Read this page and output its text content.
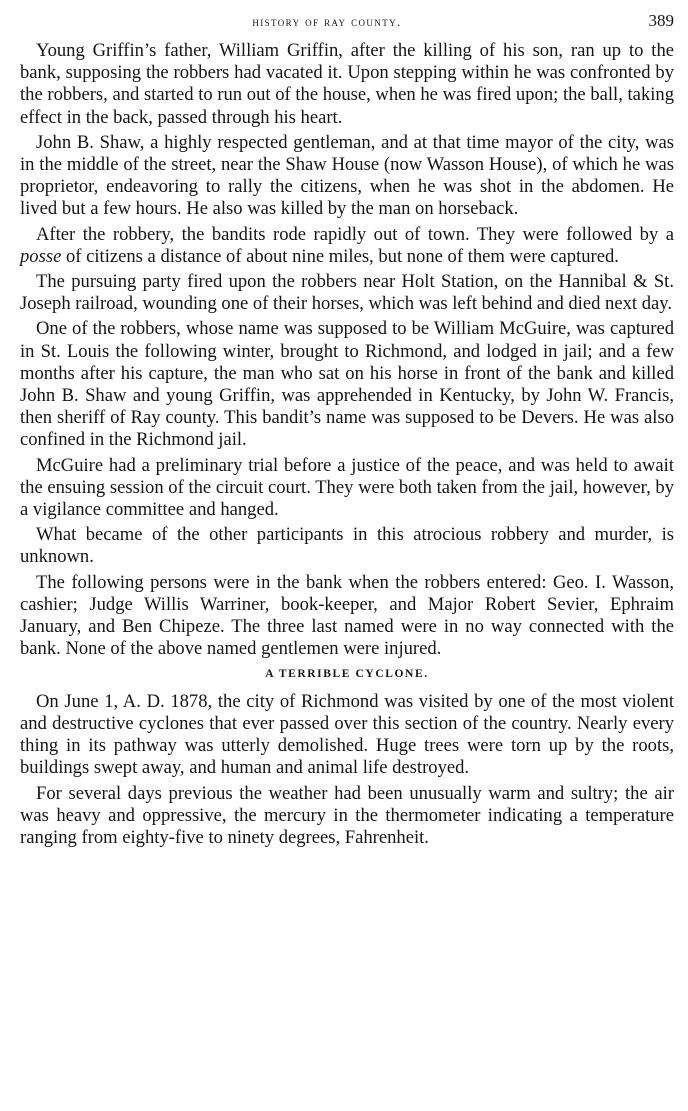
history of ray county.	389

Young Griffin’s father, William Griffin, after the killing of his son, ran up to the bank, supposing the robbers had vacated it. Upon stepping within he was confronted by the robbers, and started to run out of the house, when he was fired upon; the ball, taking effect in the back, passed through his heart.

John B. Shaw, a highly respected gentleman, and at that time mayor of the city, was in the middle of the street, near the Shaw House (now Wasson House), of which he was proprietor, endeavoring to rally the citizens, when he was shot in the abdomen. He lived but a few hours. He also was killed by the man on horseback.

After the robbery, the bandits rode rapidly out of town. They were followed by a posse of citizens a distance of about nine miles, but none of them were captured.

The pursuing party fired upon the robbers near Holt Station, on the Hannibal & St. Joseph railroad, wounding one of their horses, which was left behind and died next day.

One of the robbers, whose name was supposed to be William McGuire, was captured in St. Louis the following winter, brought to Richmond, and lodged in jail; and a few months after his capture, the man who sat on his horse in front of the bank and killed John B. Shaw and young Griffin, was apprehended in Kentucky, by John W. Francis, then sheriff of Ray county. This bandit’s name was supposed to be Devers. He was also confined in the Richmond jail.

McGuire had a preliminary trial before a justice of the peace, and was held to await the ensuing session of the circuit court. They were both taken from the jail, however, by a vigilance committee and hanged.

What became of the other participants in this atrocious robbery and murder, is unknown.

The following persons were in the bank when the robbers entered: Geo. I. Wasson, cashier; Judge Willis Warriner, book-keeper, and Major Robert Sevier, Ephraim January, and Ben Chipeze. The three last named were in no way connected with the bank. None of the above named gentlemen were injured.

A TERRIBLE CYCLONE.

On June 1, A. D. 1878, the city of Richmond was visited by one of the most violent and destructive cyclones that ever passed over this section of the country. Nearly every thing in its pathway was utterly demolished. Huge trees were torn up by the roots, buildings swept away, and human and animal life destroyed.

For several days previous the weather had been unusually warm and sultry; the air was heavy and oppressive, the mercury in the thermometer indicating a temperature ranging from eighty-five to ninety degrees, Fahrenheit.
